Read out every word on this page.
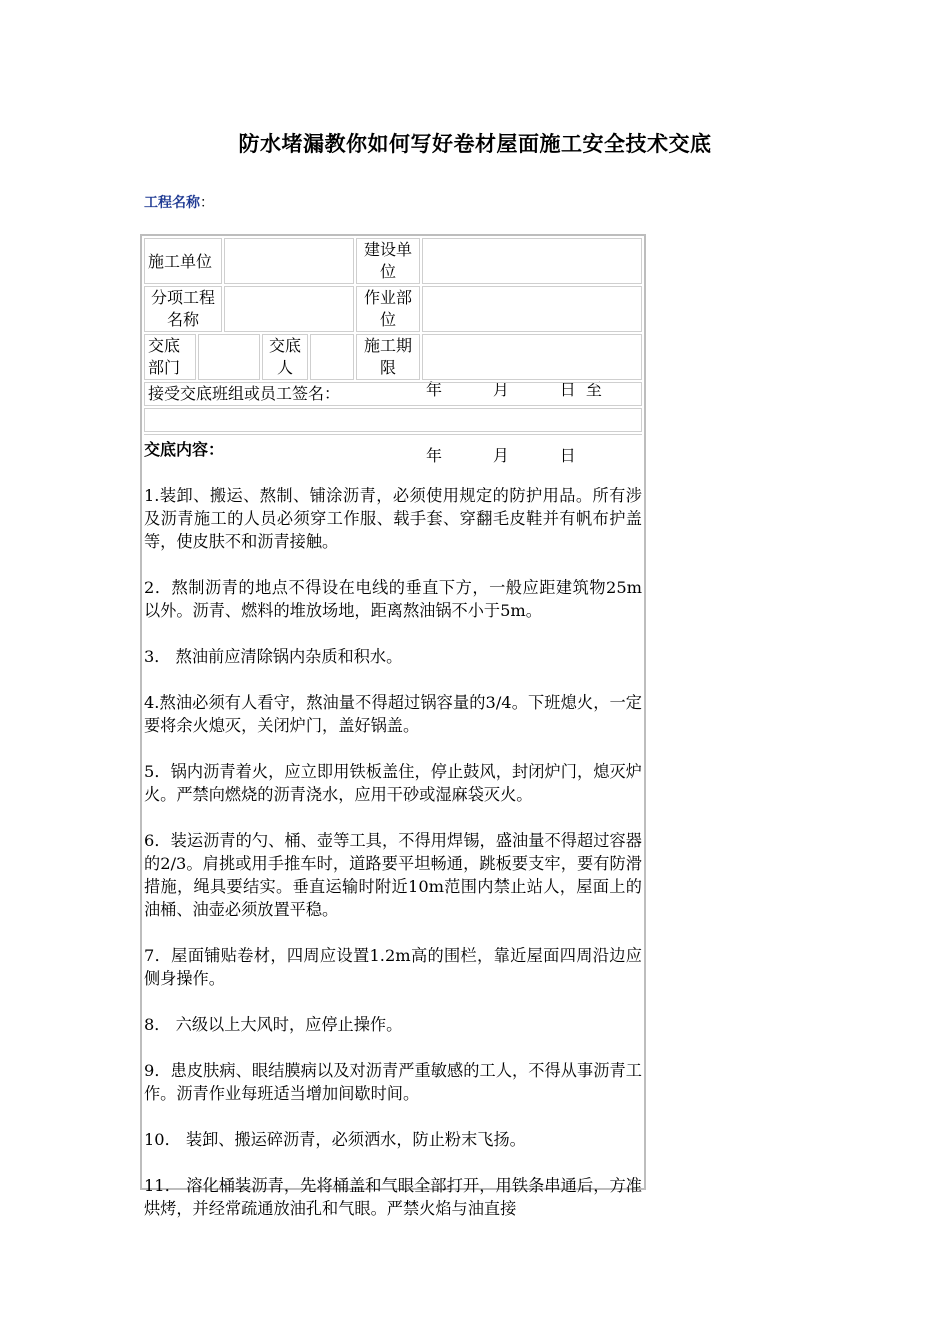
防水堵漏教你如何写好卷材屋面施工安全技术交底
工程名称：
施工单位
建设单
位
分项工程
名称
作业部
位
交底
部门
交底
人
施工期
限

年          月          日  至

年          月          日

接受交底班组或员工签名：
交底内容：

1.装卸、搬运、熬制、铺涂沥青，必须使用规定的防护用品。所有涉及沥青施工的人员必须穿工作服、载手套、穿翻毛皮鞋并有帆布护盖等，使皮肤不和沥青接触。

2．熬制沥青的地点不得设在电线的垂直下方，一般应距建筑物25m以外。沥青、燃料的堆放场地，距离熬油锅不小于5m。

3． 熬油前应清除锅内杂质和积水。

4.熬油必须有人看守，熬油量不得超过锅容量的3/4。下班熄火，一定要将余火熄灭，关闭炉门，盖好锅盖。

5．锅内沥青着火，应立即用铁板盖住，停止鼓风，封闭炉门，熄灭炉火。严禁向燃烧的沥青浇水，应用干砂或湿麻袋灭火。

6．装运沥青的勺、桶、壶等工具，不得用焊锡，盛油量不得超过容器的2/3。肩挑或用手推车时，道路要平坦畅通，跳板要支牢，要有防滑措施，绳具要结实。垂直运输时附近10m范围内禁止站人，屋面上的油桶、油壶必须放置平稳。

7．屋面铺贴卷材，四周应设置1.2m高的围栏，靠近屋面四周沿边应侧身操作。

8． 六级以上大风时，应停止操作。

9．患皮肤病、眼结膜病以及对沥青严重敏感的工人，不得从事沥青工作。沥青作业每班适当增加间歇时间。

10． 装卸、搬运碎沥青，必须洒水，防止粉末飞扬。

11． 溶化桶装沥青，先将桶盖和气眼全部打开，用铁条串通后，方准烘烤，并经常疏通放油孔和气眼。严禁火焰与油直接
